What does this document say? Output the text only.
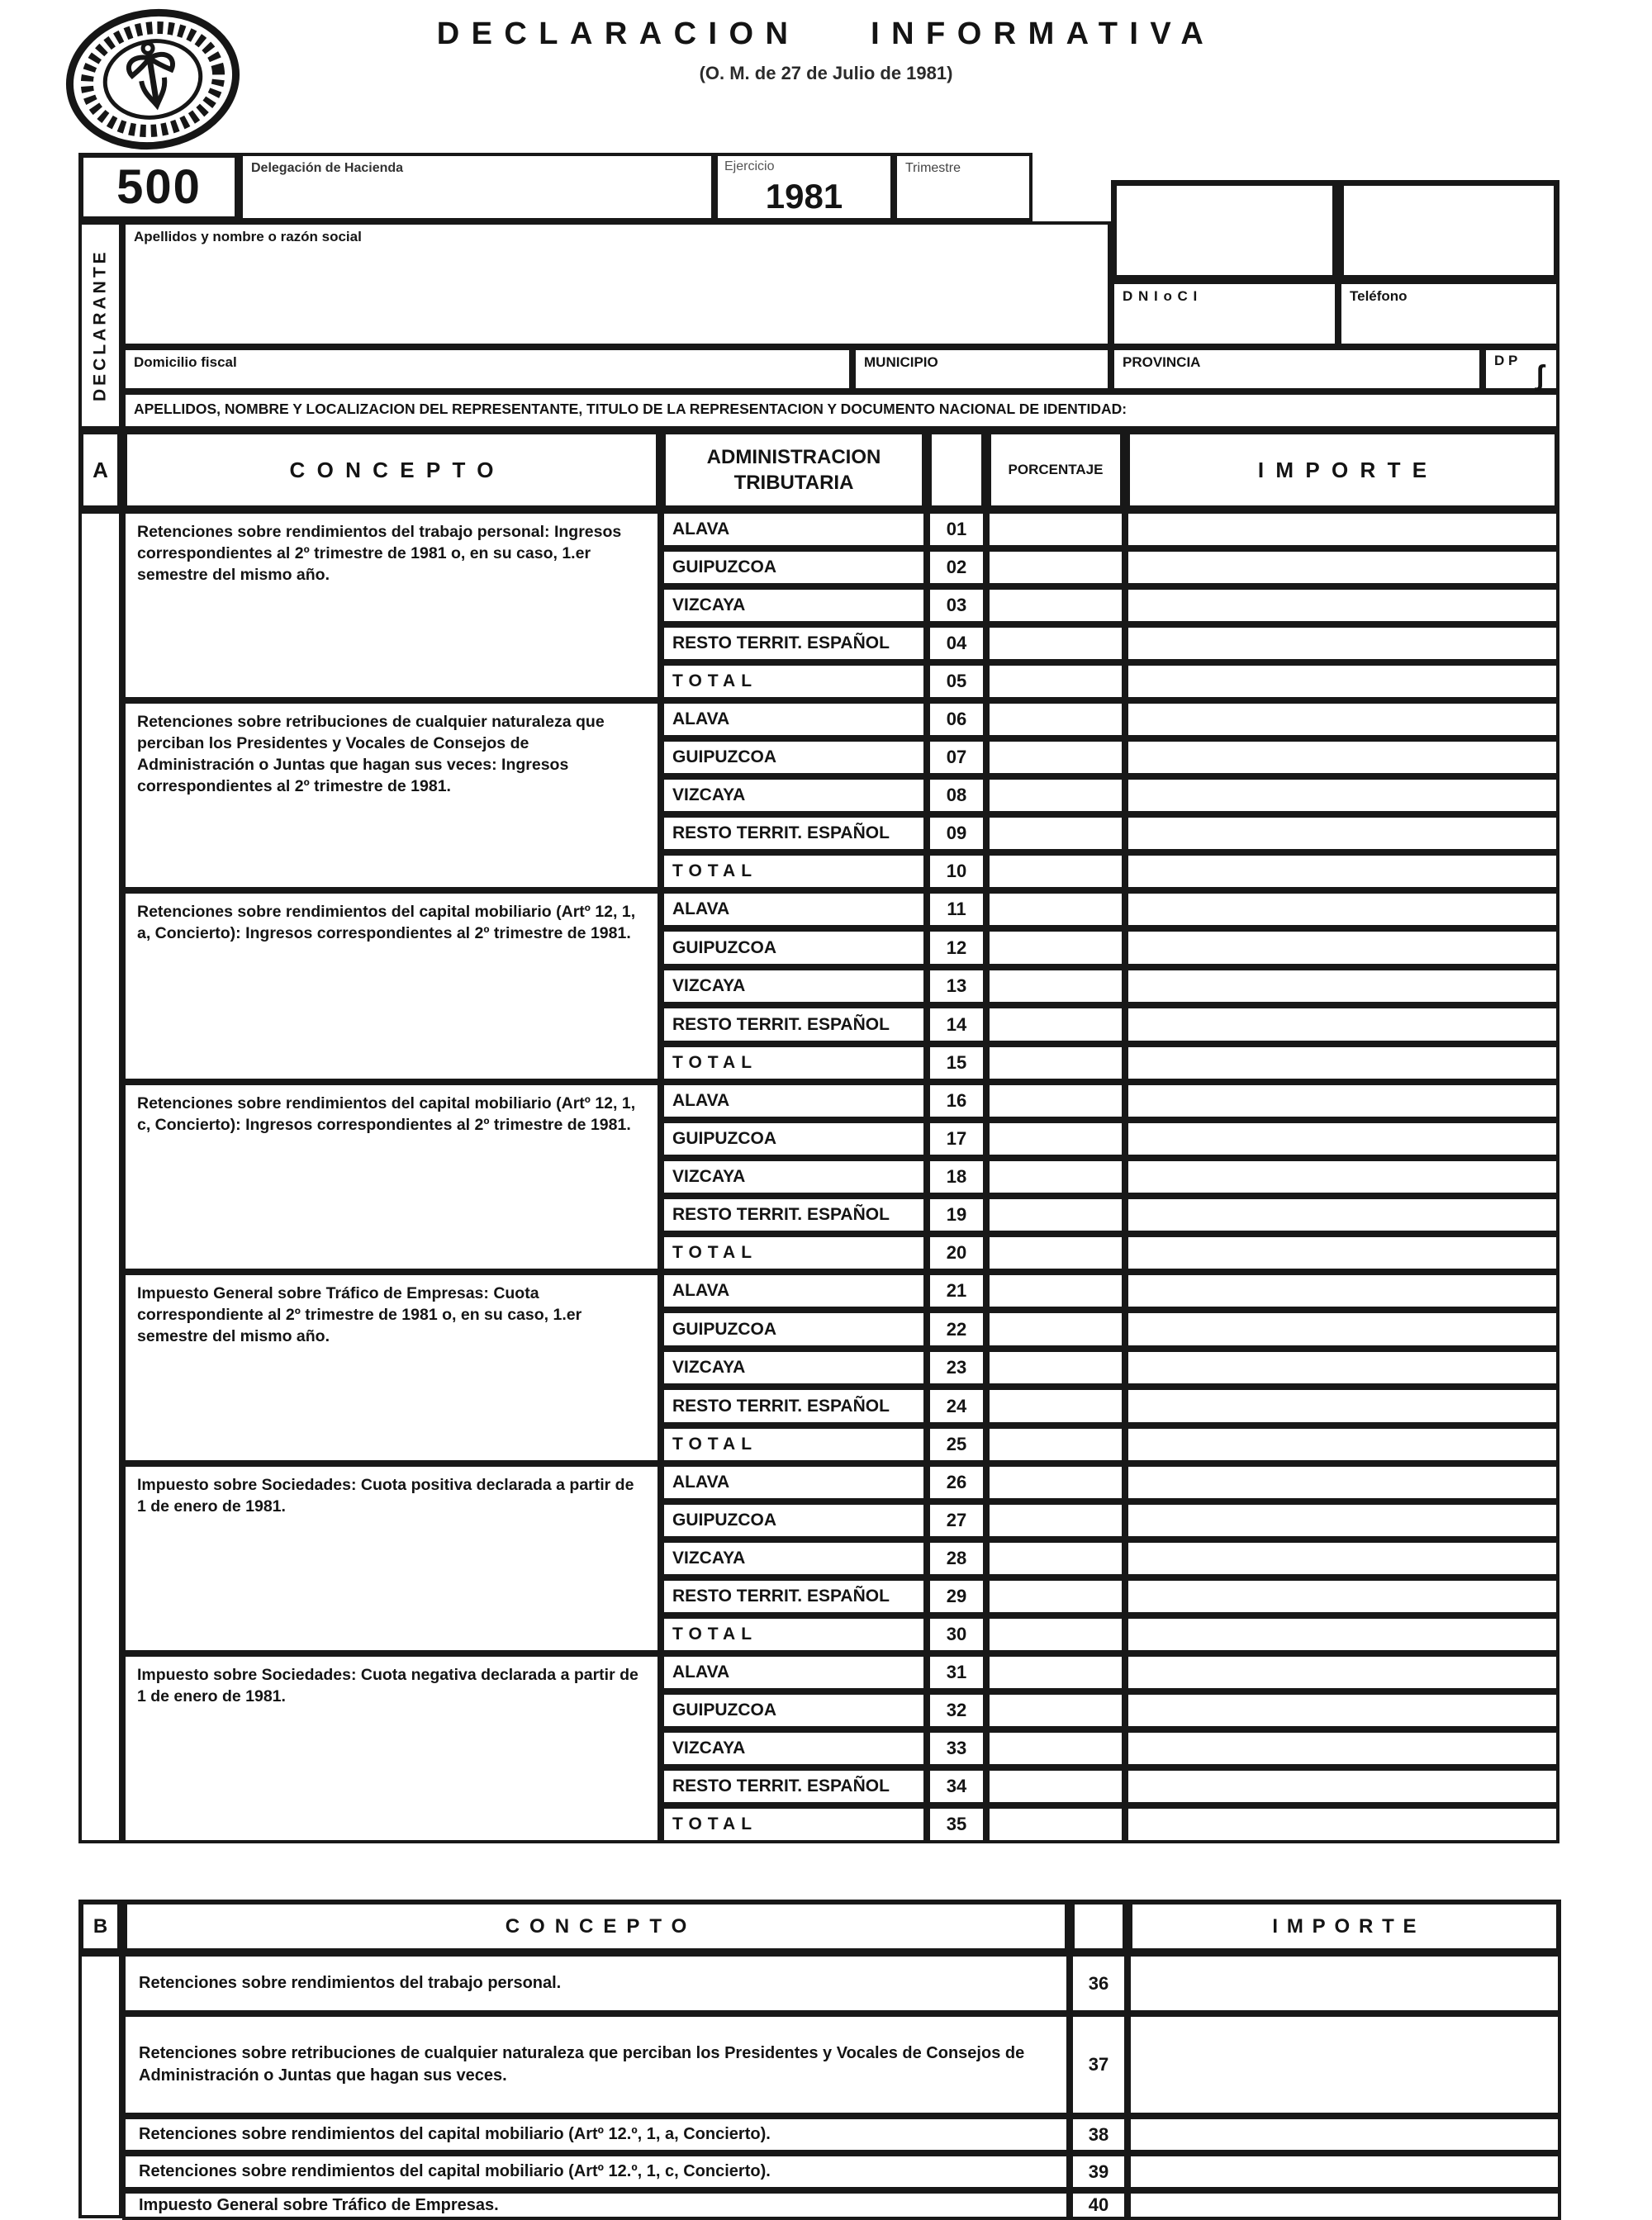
DECLARACION INFORMATIVA
(O. M. de 27 de Julio de 1981)
500	Delegación de Hacienda	Ejercicio
1981
Trimestre
DECLARANTE
Apellidos y nombre o razón social
D N I o C I	Teléfono
Domicilio fiscal	MUNICIPIO	PROVINCIA	D P ʃ
APELLIDOS, NOMBRE Y LOCALIZACION DEL REPRESENTANTE, TITULO DE LA REPRESENTACION Y DOCUMENTO NACIONAL DE IDENTIDAD:
A	CONCEPTO
ADMINISTRACION
TRIBUTARIA
PORCENTAJE	IMPORTE
B	CONCEPTO	IMPORTE
Retenciones sobre rendimientos del trabajo personal: Ingresos correspondientes al 2º trimestre de 1981 o, en su caso, 1.er semestre del mismo año.
ALAVA	01
GUIPUZCOA	02
VIZCAYA	03
RESTO TERRIT. ESPAÑOL	04
TOTAL	05
Retenciones sobre retribuciones de cualquier naturaleza que perciban los Presidentes y Vocales de Consejos de Administración o Juntas que hagan sus veces: Ingresos correspondientes al 2º trimestre de 1981.
ALAVA	06
GUIPUZCOA	07
VIZCAYA	08
RESTO TERRIT. ESPAÑOL	09
TOTAL	10
Retenciones sobre rendimientos del capital mobiliario (Artº 12, 1, a, Concierto): Ingresos correspondientes al 2º trimestre de 1981.
ALAVA	11
GUIPUZCOA	12
VIZCAYA	13
RESTO TERRIT. ESPAÑOL	14
TOTAL	15
Retenciones sobre rendimientos del capital mobiliario (Artº 12, 1, c, Concierto): Ingresos correspondientes al 2º trimestre de 1981.
ALAVA	16
GUIPUZCOA	17
VIZCAYA	18
RESTO TERRIT. ESPAÑOL	19
TOTAL	20
Impuesto General sobre Tráfico de Empresas: Cuota correspondiente al 2º trimestre de 1981 o, en su caso, 1.er semestre del mismo año.
ALAVA	21
GUIPUZCOA	22
VIZCAYA	23
RESTO TERRIT. ESPAÑOL	24
TOTAL	25
Impuesto sobre Sociedades: Cuota positiva declarada a partir de 1 de enero de 1981.
ALAVA	26
GUIPUZCOA	27
VIZCAYA	28
RESTO TERRIT. ESPAÑOL	29
TOTAL	30
Impuesto sobre Sociedades: Cuota negativa declarada a partir de 1 de enero de 1981.
ALAVA	31
GUIPUZCOA	32
VIZCAYA	33
RESTO TERRIT. ESPAÑOL	34
TOTAL	35
Retenciones sobre rendimientos del trabajo personal.	36
Retenciones sobre retribuciones de cualquier naturaleza que perciban los Presidentes y Vocales de Consejos de Administración o Juntas que hagan sus veces.
37
Retenciones sobre rendimientos del capital mobiliario (Artº 12.º, 1, a, Concierto).	38
Retenciones sobre rendimientos del capital mobiliario (Artº 12.º, 1, c, Concierto).	39
Impuesto General sobre Tráfico de Empresas.	40
